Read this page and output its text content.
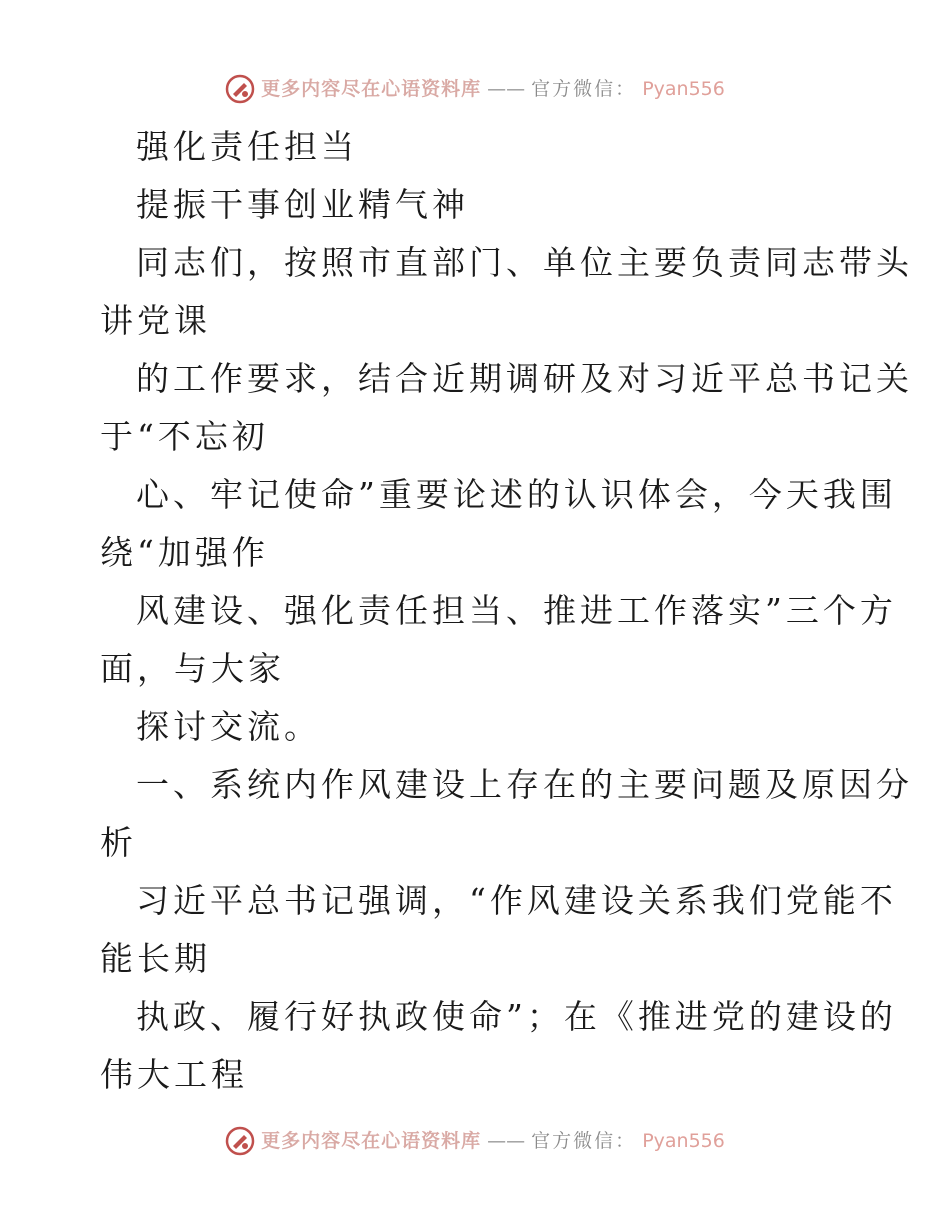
更多内容尽在心语资料库 —— 官方微信： Pyan556
强化责任担当
提振干事创业精气神
同志们，按照市直部门、单位主要负责同志带头
讲党课
的工作要求，结合近期调研及对习近平总书记关
于“不忘初
心、牢记使命”重要论述的认识体会，今天我围
绕“加强作
风建设、强化责任担当、推进工作落实”三个方
面，与大家
探讨交流。
一、系统内作风建设上存在的主要问题及原因分
析
习近平总书记强调，“作风建设关系我们党能不
能长期
执政、履行好执政使命”；在《推进党的建设的
伟大工程
更多内容尽在心语资料库 —— 官方微信： Pyan556
